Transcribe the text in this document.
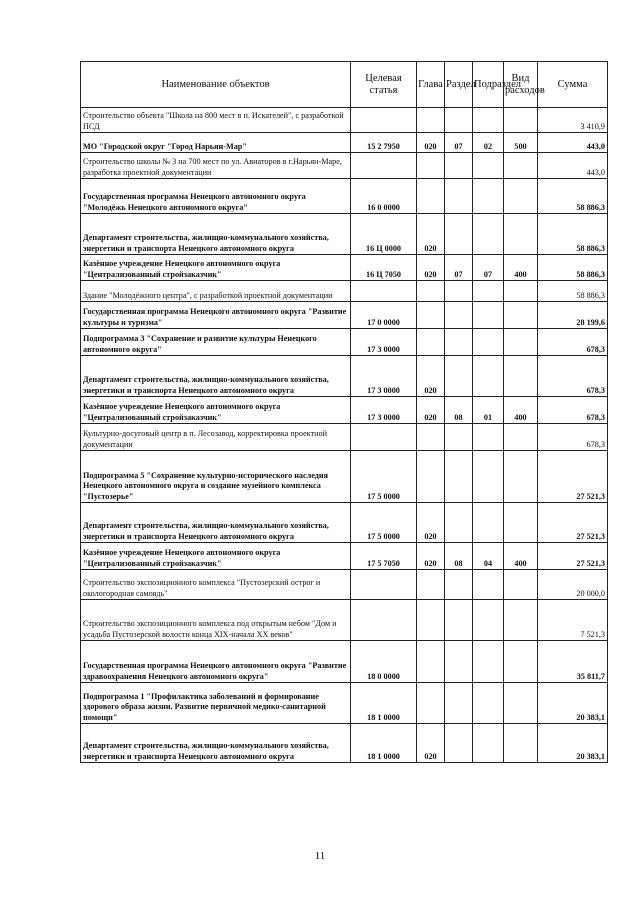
Наименование объектов	Целевая статья	Глава	Раздел	Подраздел	Вид расходов	Сумма
Строительство объекта "Школа на 800 мест в п. Искателей", с разработкой ПСД						3 410,9
МО "Городской округ "Город Нарьян-Мар"	15 2 7950	020	07	02	500	443,0
Строительство школы № 3 на 700 мест по ул. Авиаторов в г.Нарьян-Маре, разработка проектной документации						443,0
Государственная программа Ненецкого автономного округа "Молодёжь Ненецкого автономного округа"	16 0 0000					58 886,3
Департамент строительства, жилищно-коммунального хозяйства, энергетики и транспорта Ненецкого автономного округа	16 Ц 0000	020				58 886,3
Казённое учреждение Ненецкого автономного округа "Централизованный стройзаказчик"	16 Ц 7050	020	07	07	400	58 886,3
Здание "Молодёжного центра", с разработкой проектной документации						58 886,3
Государственная программа Ненецкого автономного округа "Развитие культуры и туризма"	17 0 0000					28 199,6
Подпрограмма 3 "Сохранение и развитие культуры Ненецкого автономного округа"	17 3 0000					678,3
Департамент строительства, жилищно-коммунального хозяйства, энергетики и транспорта Ненецкого автономного округа	17 3 0000	020				678,3
Казённое учреждение Ненецкого автономного округа "Централизованный стройзаказчик"	17 3 0000	020	08	01	400	678,3
Культурно-досуговый центр в п. Лесозавод, корректировка проектной документации						678,3
Подпрограмма 5 "Сохранение культурно-исторического наследия Ненецкого автономного округа и создание музейного комплекса "Пустозерье"	17 5 0000					27 521,3
Департамент строительства, жилищно-коммунального хозяйства, энергетики и транспорта Ненецкого автономного округа	17 5 0000	020				27 521,3
Казённое учреждение Ненецкого автономного округа "Централизованный стройзаказчик"	17 5 7050	020	08	04	400	27 521,3
Строительство экспозиционного комплекса "Пустозерский острог и окологородная самоядь"						20 000,0
Строительство экспозиционного комплекса под открытым небом "Дом и усадьба Пустозерской волости конца XIX-начала XX веков"						7 521,3
Государственная программа Ненецкого автономного округа "Развитие здравоохранения Ненецкого автономного округа"	18 0 0000					35 811,7
Подпрограмма 1 "Профилактика заболеваний и формирование здорового образа жизни. Развитие первичной медико-санитарной помощи"	18 1 0000					20 383,1
Департамент строительства, жилищно-коммунального хозяйства, энергетики и транспорта Ненецкого автономного округа	18 1 0000	020				20 383,1
11
